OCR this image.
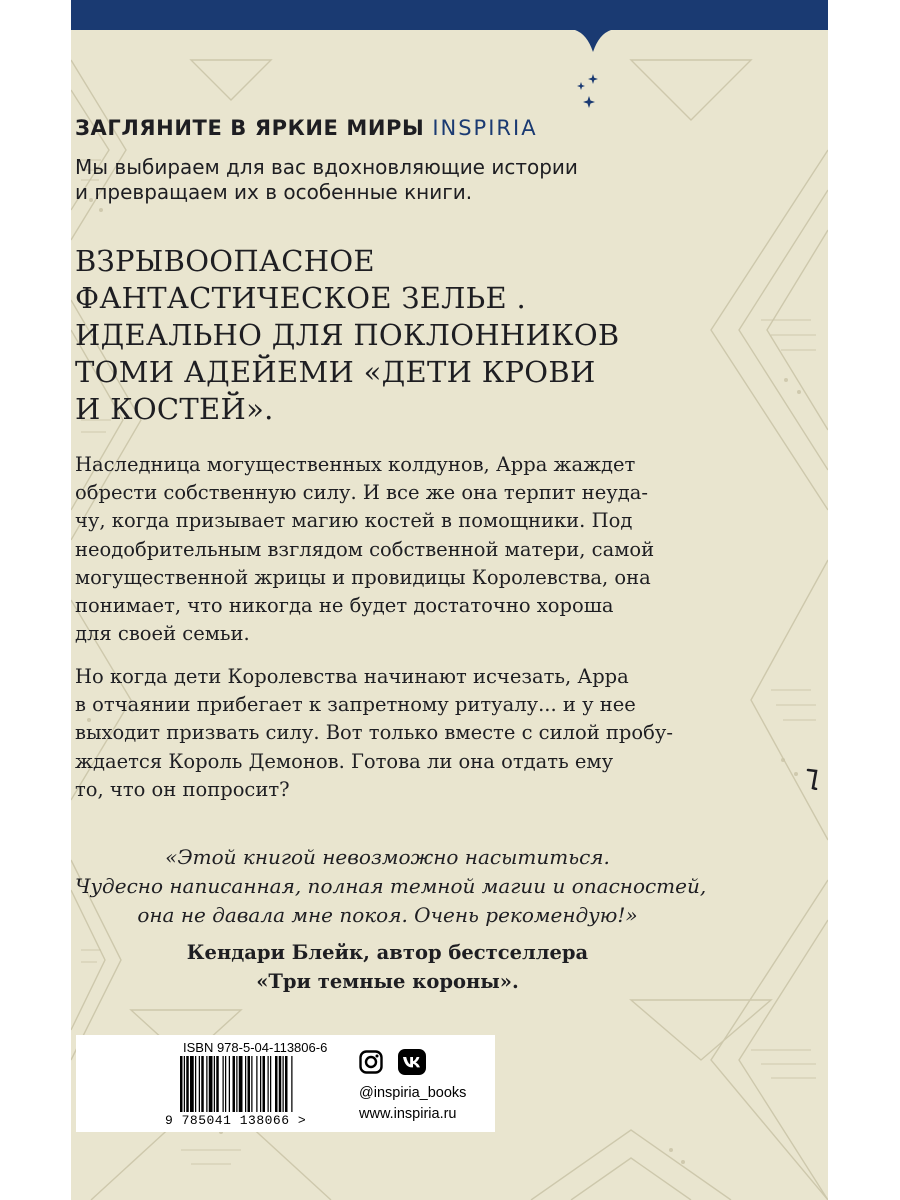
ЗАГЛЯНИТЕ В ЯРКИЕ МИРЫ INSPIRIA
Мы выбираем для вас вдохновляющие истории
и превращаем их в особенные книги.
ВЗРЫВООПАСНОЕ
ФАНТАСТИЧЕСКОЕ ЗЕЛЬЕ .
ИДЕАЛЬНО ДЛЯ ПОКЛОННИКОВ
ТОМИ АДЕЙЕМИ «ДЕТИ КРОВИ
И КОСТЕЙ».
Наследница могущественных колдунов, Арра жаждет
обрести собственную силу. И все же она терпит неуда-
чу, когда призывает магию костей в помощники. Под
неодобрительным взглядом собственной матери, самой
могущественной жрицы и провидицы Королевства, она
понимает, что никогда не будет достаточно хороша
для своей семьи.
Но когда дети Королевства начинают исчезать, Арра
в отчаянии прибегает к запретному ритуалу... и у нее
выходит призвать силу. Вот только вместе с силой пробу-
ждается Король Демонов. Готова ли она отдать ему
то, что он попросит?
«Этой книгой невозможно насытиться.
Чудесно написанная, полная темной магии и опасностей,
она не давала мне покоя. Очень рекомендую!»
Кендари Блейк, автор бестселлера
«Три темные короны».
ISBN 978-5-04-113806-6
9 785041 138066 >
@inspiria_books
www.inspiria.ru
